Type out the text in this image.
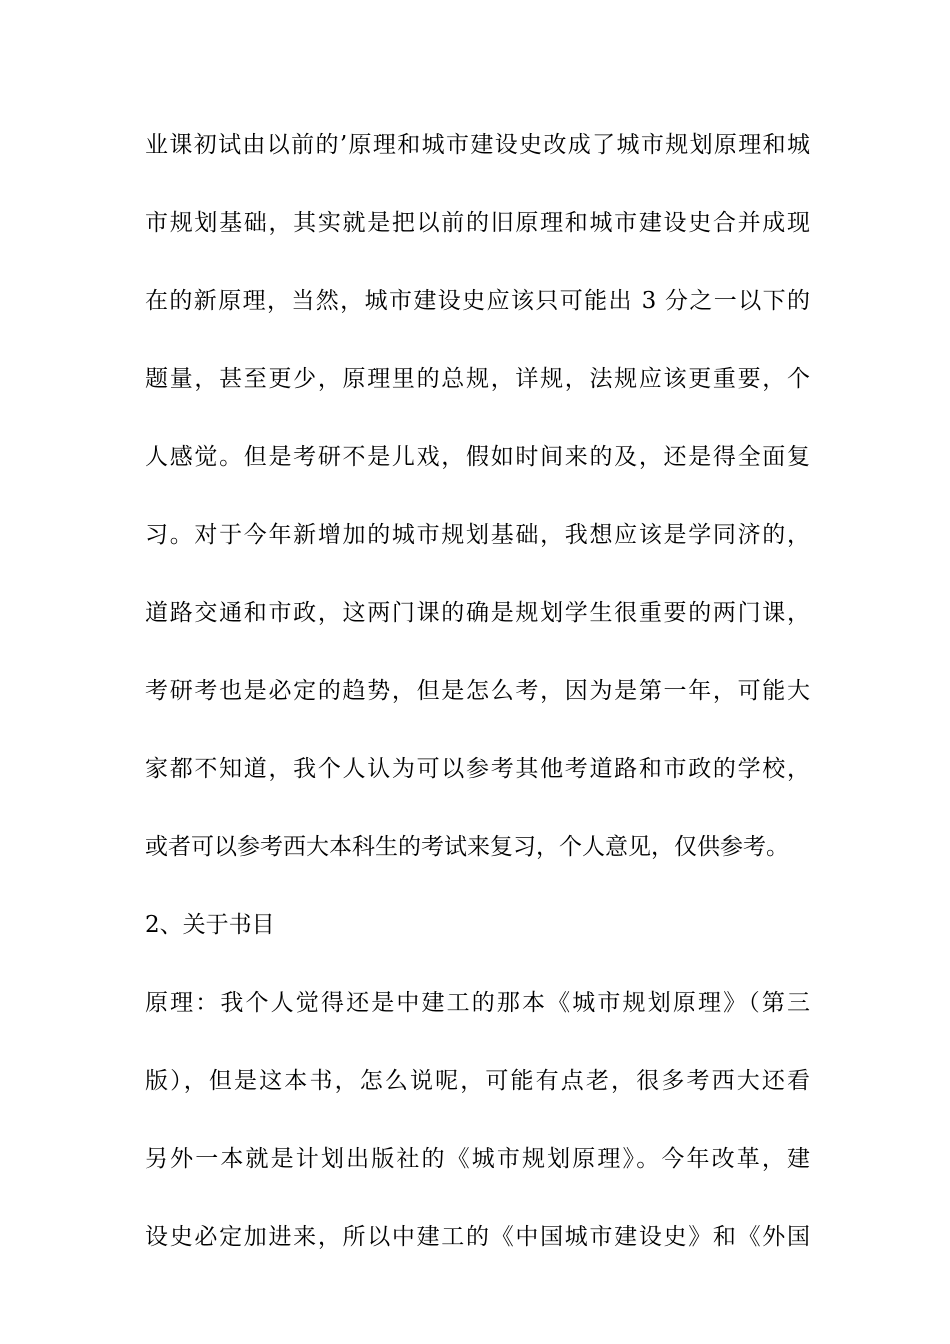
业课初试由以前的’原理和城市建设史改成了城市规划原理和城
市规划基础，其实就是把以前的旧原理和城市建设史合并成现
在的新原理，当然，城市建设史应该只可能出 3 分之一以下的
题量，甚至更少，原理里的总规，详规，法规应该更重要，个
人感觉。但是考研不是儿戏，假如时间来的及，还是得全面复
习。对于今年新增加的城市规划基础，我想应该是学同济的，
道路交通和市政，这两门课的确是规划学生很重要的两门课，
考研考也是必定的趋势，但是怎么考，因为是第一年，可能大
家都不知道，我个人认为可以参考其他考道路和市政的学校，
或者可以参考西大本科生的考试来复习，个人意见，仅供参考。
2、关于书目
原理：我个人觉得还是中建工的那本《城市规划原理》（第三
版），但是这本书，怎么说呢，可能有点老，很多考西大还看
另外一本就是计划出版社的《城市规划原理》。今年改革，建
设史必定加进来，所以中建工的《中国城市建设史》和《外国
